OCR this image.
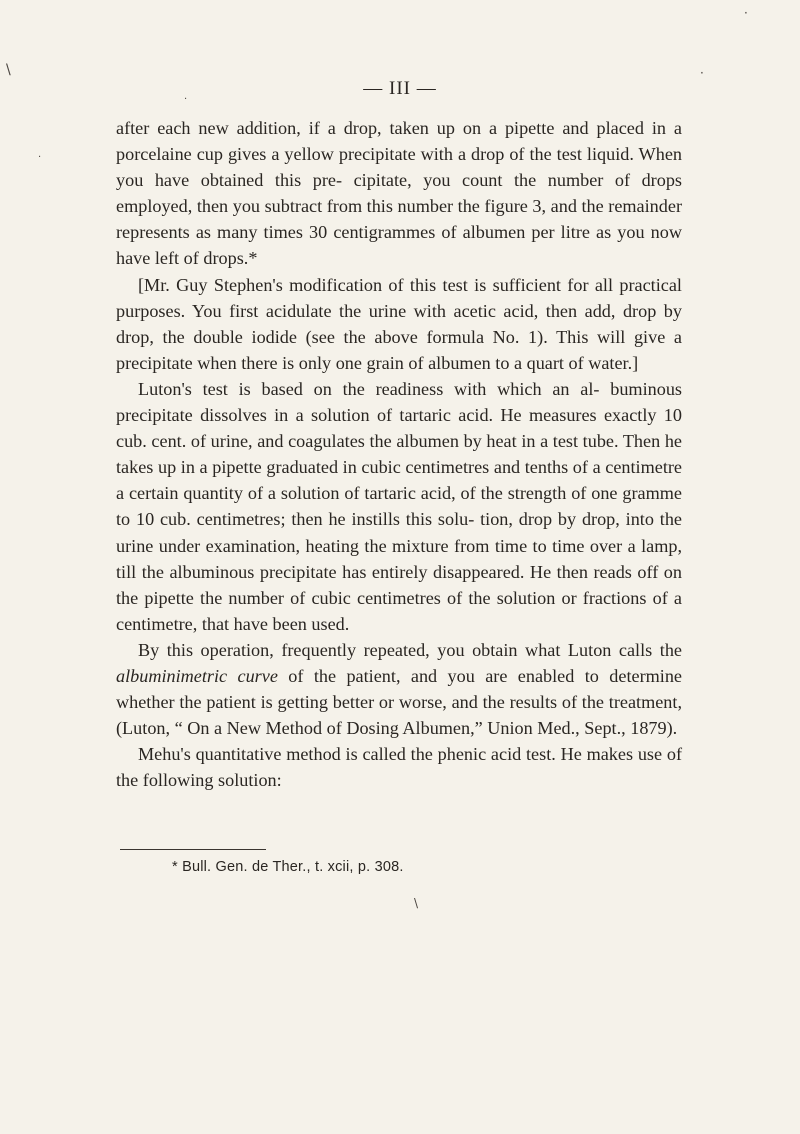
— III —

after each new addition, if a drop, taken up on a pipette and placed in a porcelaine cup gives a yellow precipitate with a drop of the test liquid. When you have obtained this pre- cipitate, you count the number of drops employed, then you subtract from this number the figure 3, and the remainder represents as many times 30 centigrammes of albumen per litre as you now have left of drops.*

[Mr. Guy Stephen's modification of this test is sufficient for all practical purposes. You first acidulate the urine with acetic acid, then add, drop by drop, the double iodide (see the above formula No. 1). This will give a precipitate when there is only one grain of albumen to a quart of water.]

Luton's test is based on the readiness with which an al- buminous precipitate dissolves in a solution of tartaric acid. He measures exactly 10 cub. cent. of urine, and coagulates the albumen by heat in a test tube. Then he takes up in a pipette graduated in cubic centimetres and tenths of a centimetre a certain quantity of a solution of tartaric acid, of the strength of one gramme to 10 cub. centimetres; then he instills this solu- tion, drop by drop, into the urine under examination, heating the mixture from time to time over a lamp, till the albuminous precipitate has entirely disappeared. He then reads off on the pipette the number of cubic centimetres of the solution or fractions of a centimetre, that have been used.

By this operation, frequently repeated, you obtain what Luton calls the albuminimetric curve of the patient, and you are enabled to determine whether the patient is getting better or worse, and the results of the treatment, (Luton, “ On a New Method of Dosing Albumen,” Union Med., Sept., 1879).

Mehu's quantitative method is called the phenic acid test. He makes use of the following solution:

* Bull. Gen. de Ther., t. xcii, p. 308.
\
·
·
·
·
\
